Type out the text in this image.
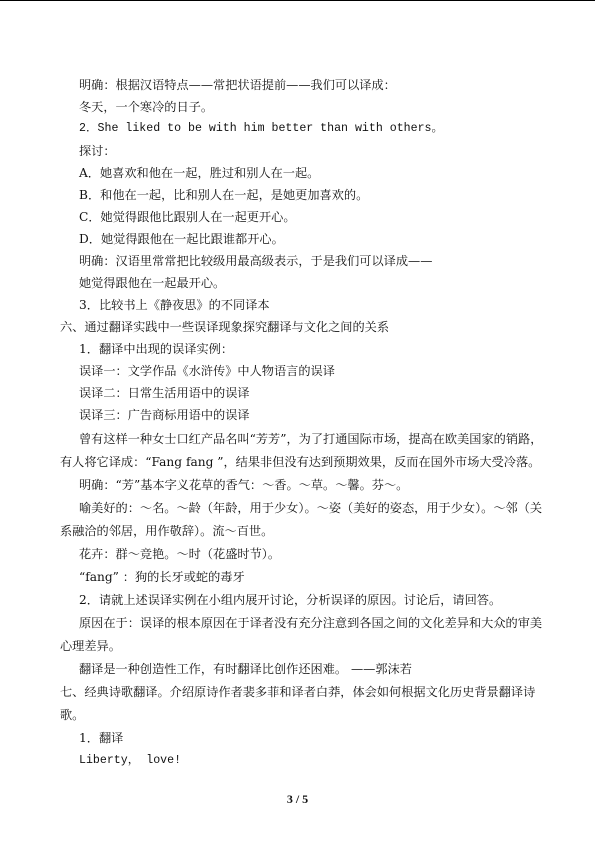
明确：根据汉语特点——常把状语提前——我们可以译成：
冬天，一个寒冷的日子。
2．She liked to be with him better than with others。
探讨：
A．她喜欢和他在一起，胜过和别人在一起。
B．和他在一起，比和别人在一起，是她更加喜欢的。
C．她觉得跟他比跟别人在一起更开心。
D．她觉得跟他在一起比跟谁都开心。
明确：汉语里常常把比较级用最高级表示，于是我们可以译成——
她觉得跟他在一起最开心。
3．比较书上《静夜思》的不同译本
六、通过翻译实践中一些误译现象探究翻译与文化之间的关系
1．翻译中出现的误译实例：
误译一：文学作品《水浒传》中人物语言的误译
误译二：日常生活用语中的误译
误译三：广告商标用语中的误译
曾有这样一种女士口红产品名叫“芳芳”，为了打通国际市场，提高在欧美国家的销路，
有人将它译成：“Fang fang ”，结果非但没有达到预期效果，反而在国外市场大受冷落。
明确：“芳”基本字义花草的香气：～香。～草。～馨。芬～。
喻美好的：～名。～龄（年龄，用于少女）。～姿（美好的姿态，用于少女）。～邻（关
系融洽的邻居，用作敬辞）。流～百世。
花卉：群～竞艳。～时（花盛时节）。
“fang” ：狗的长牙或蛇的毒牙
2．请就上述误译实例在小组内展开讨论，分析误译的原因。讨论后，请回答。
原因在于：误译的根本原因在于译者没有充分注意到各国之间的文化差异和大众的审美
心理差异。
翻译是一种创造性工作，有时翻译比创作还困难。 ——郭沫若
七、经典诗歌翻译。介绍原诗作者裴多菲和译者白莽，体会如何根据文化历史背景翻译诗
歌。
1．翻译
Liberty， love!
3 / 5
